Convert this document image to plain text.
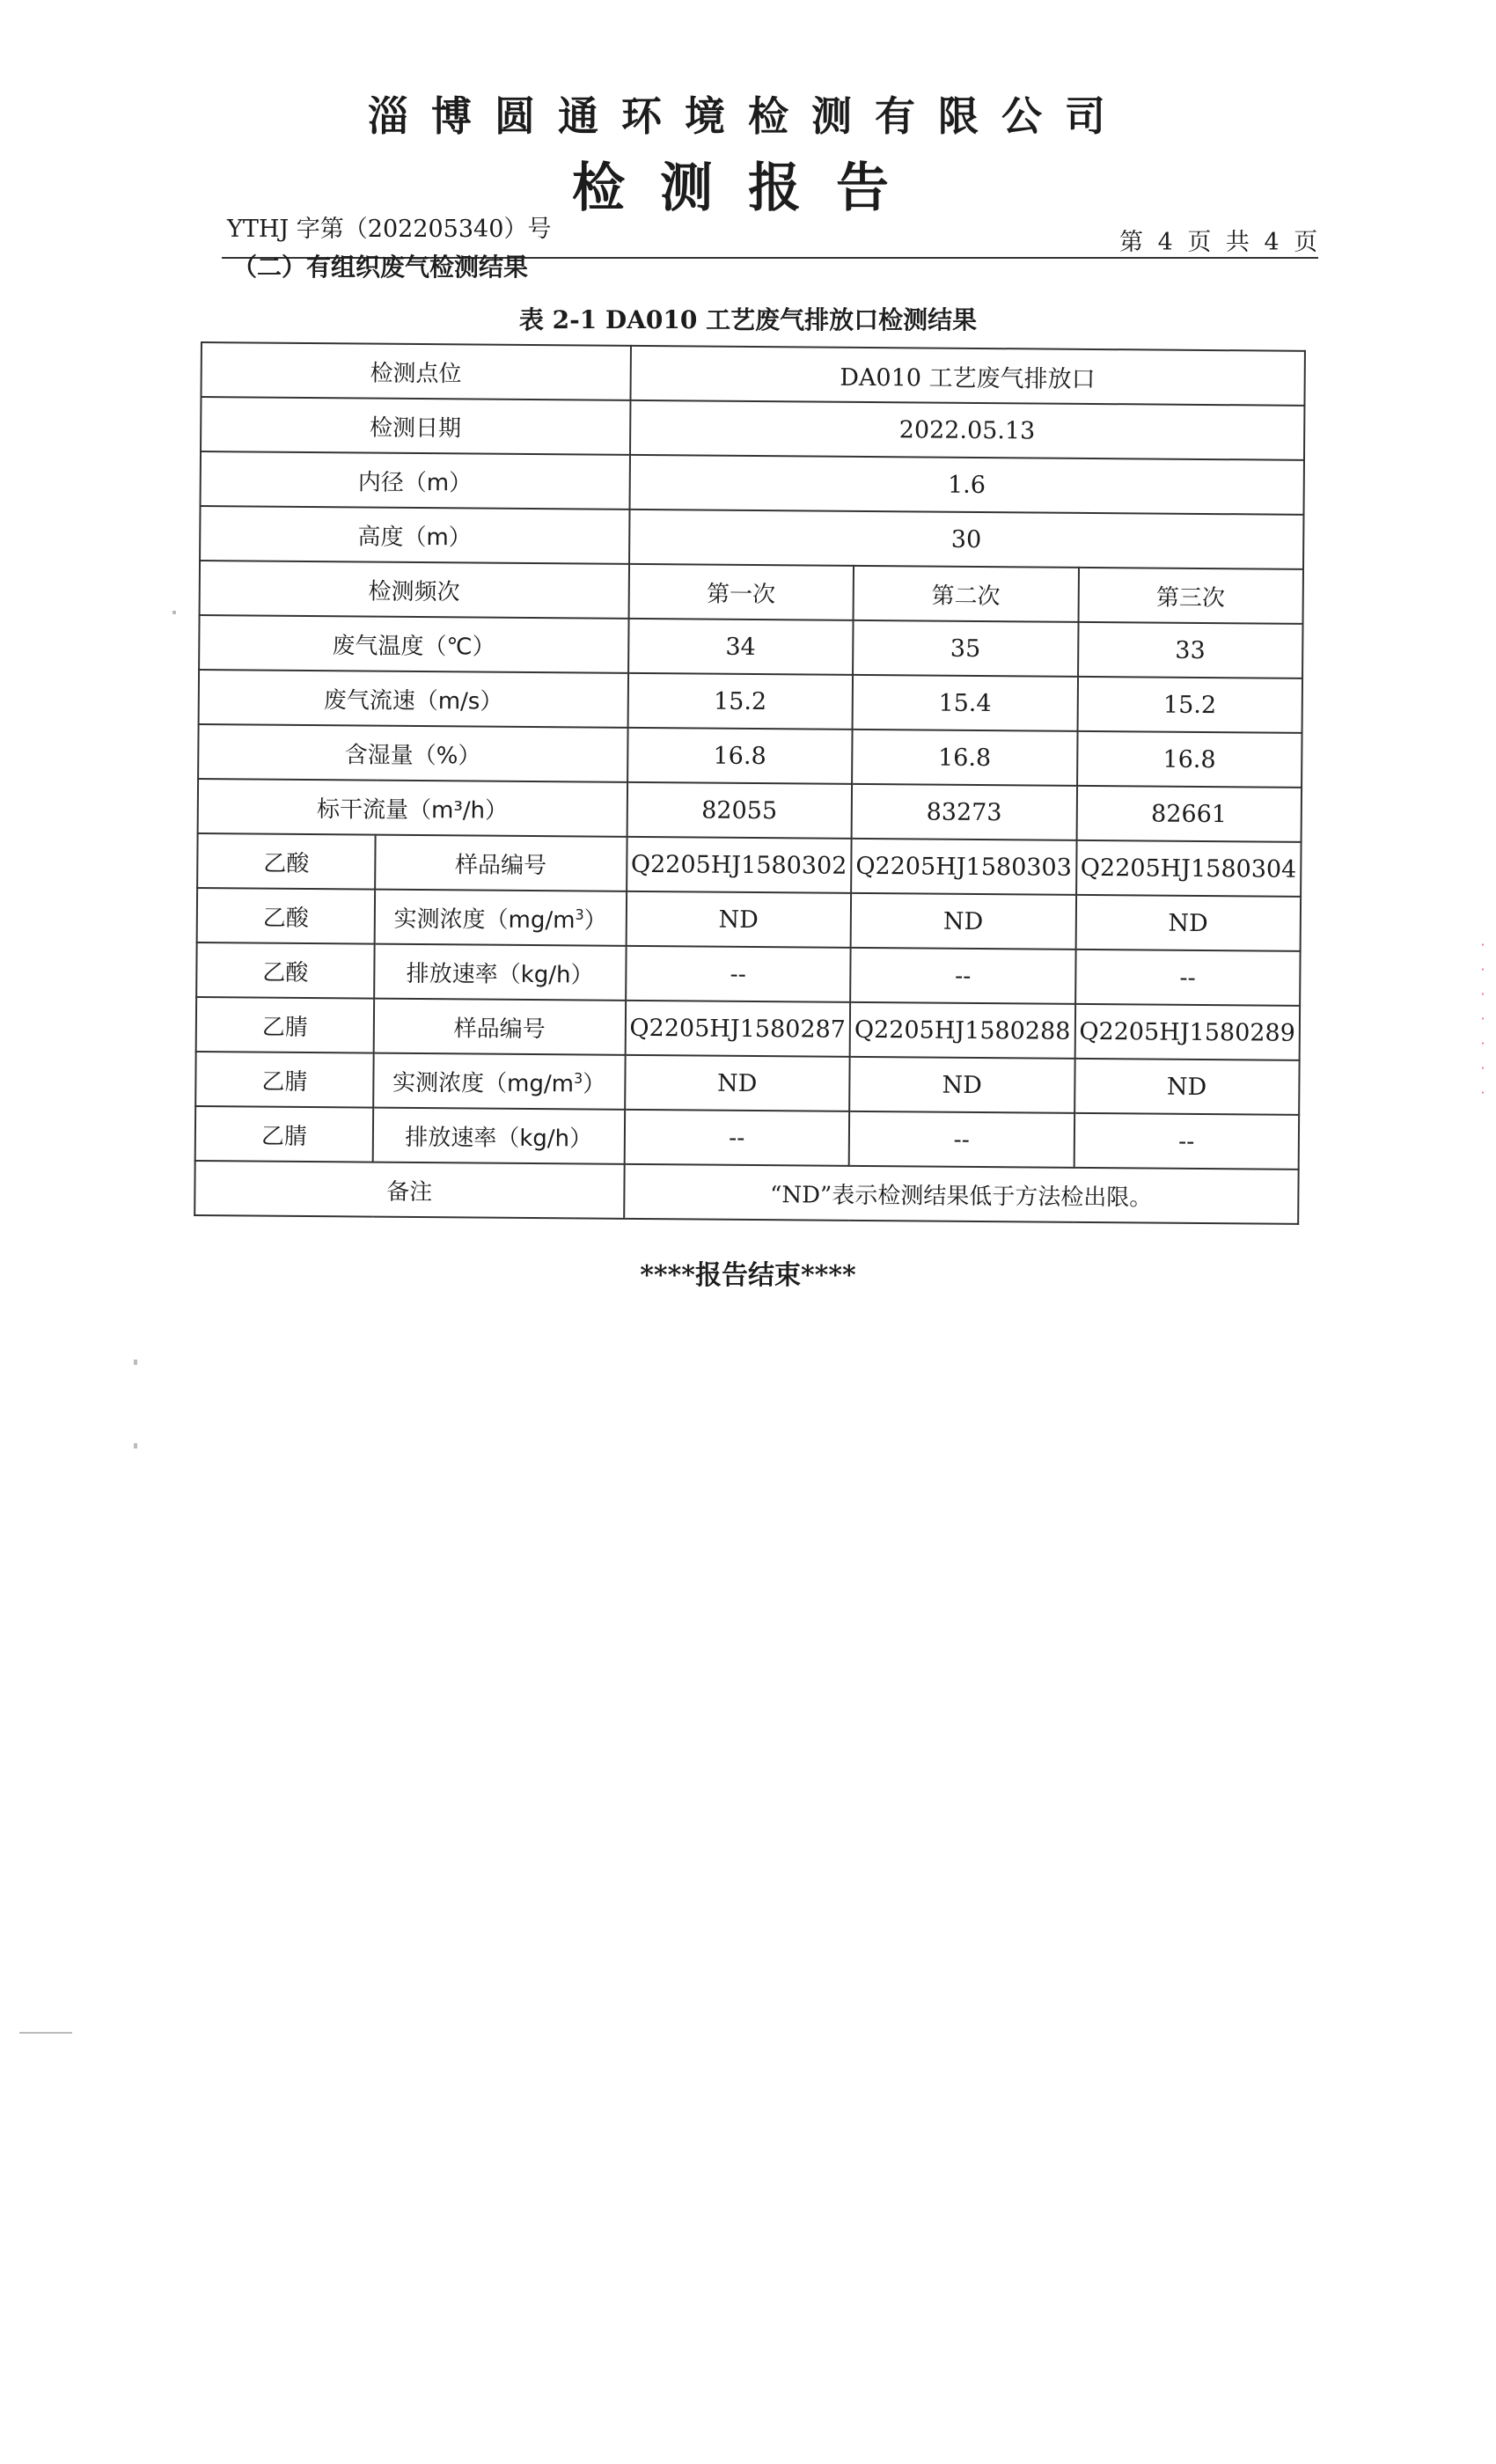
淄博圆通环境检测有限公司
检测报告
YTHJ 字第（202205340）号	第 4 页 共 4 页
（二）有组织废气检测结果
表 2-1 DA010 工艺废气排放口检测结果
检测点位		DA010 工艺废气排放口		
检测日期		2022.05.13		
内径（m）		1.6		
高度（m）		30		
检测频次		第一次	第二次	第三次
废气温度（℃）		34	35	33
废气流速（m/s）		15.2	15.4	15.2
含湿量（%）		16.8	16.8	16.8
标干流量（m³/h）		82055	83273	82661
乙酸	样品编号	Q2205HJ1580302	Q2205HJ1580303	Q2205HJ1580304
乙酸	实测浓度$(mg/m^3)$	ND	ND	ND
乙酸	排放速率（kg/h）	--	--	--
乙腈	样品编号	Q2205HJ1580287	Q2205HJ1580288	Q2205HJ1580289
乙腈	实测浓度$(mg/m^3)$	ND	ND	ND
乙腈	排放速率（kg/h）	--	--	--
备注		“ND”表示检测结果低于方法检出限。		
****报告结束****
·
·
·
·
·
·
·
